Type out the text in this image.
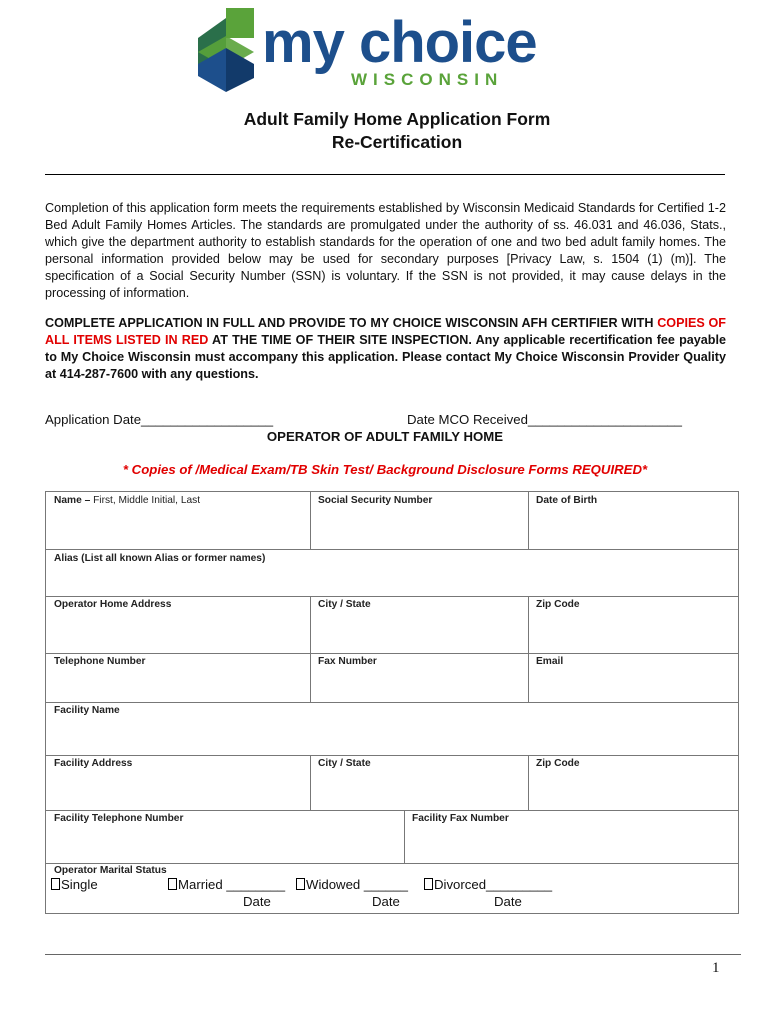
my choice
WISCONSIN
Adult Family Home Application Form
Re-Certification
Completion of this application form meets the requirements established by Wisconsin Medicaid Standards for Certified 1-2 Bed Adult Family Homes Articles. The standards are promulgated under the authority of ss. 46.031 and 46.036, Stats., which give the department authority to establish standards for the operation of one and two bed adult family homes. The personal information provided below may be used for secondary purposes [Privacy Law, s. 1504 (1) (m)]. The specification of a Social Security Number (SSN) is voluntary. If the SSN is not provided, it may cause delays in the processing of information.
COMPLETE APPLICATION IN FULL AND PROVIDE TO MY CHOICE WISCONSIN AFH CERTIFIER WITH COPIES OF ALL ITEMS LISTED IN RED AT THE TIME OF THEIR SITE INSPECTION. Any applicable recertification fee payable to My Choice Wisconsin must accompany this application. Please contact My Choice Wisconsin Provider Quality at 414-287-7600 with any questions.
Application Date__________________	Date MCO Received_____________________
OPERATOR OF ADULT FAMILY HOME
* Copies of /Medical Exam/TB Skin Test/ Background Disclosure Forms REQUIRED*
Name – First, Middle Initial, Last	Social Security Number	Date of Birth
Alias (List all known Alias or former names)
Operator Home Address	City / State	Zip Code
Telephone Number	Fax Number	Email
Facility Name
Facility Address	City / State	Zip Code
Facility Telephone Number	Facility Fax Number
Operator Marital Status
Single	Married ________	Widowed ______	Divorced_________
Date	Date	Date
1
